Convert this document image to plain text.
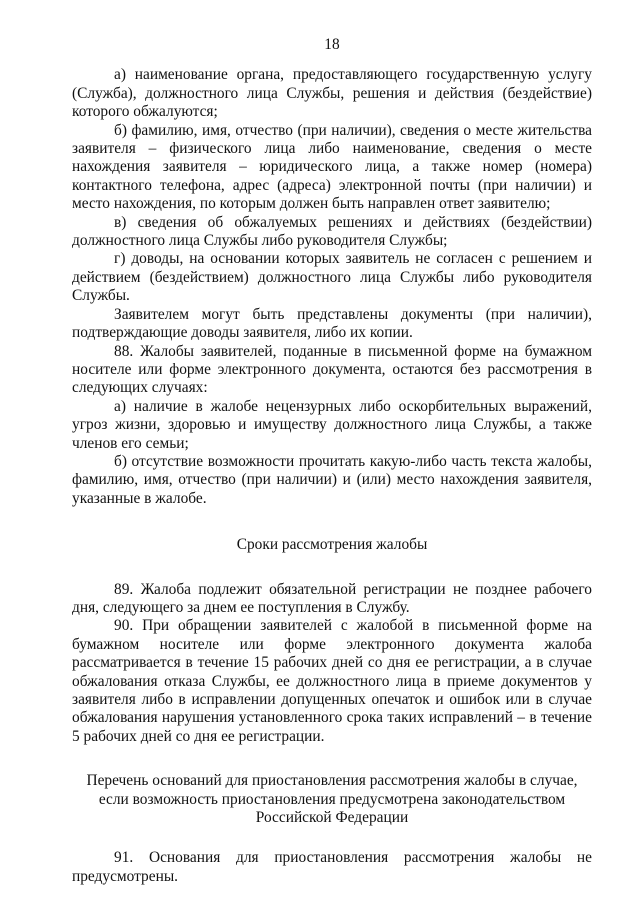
18

а) наименование органа, предоставляющего государственную услугу (Служба), должностного лица Службы, решения и действия (бездействие) которого обжалуются;

б) фамилию, имя, отчество (при наличии), сведения о месте жительства заявителя – физического лица либо наименование, сведения о месте нахождения заявителя – юридического лица, а также номер (номера) контактного телефона, адрес (адреса) электронной почты (при наличии) и место нахождения, по которым должен быть направлен ответ заявителю;

в) сведения об обжалуемых решениях и действиях (бездействии) должностного лица Службы либо руководителя Службы;

г) доводы, на основании которых заявитель не согласен с решением и действием (бездействием) должностного лица Службы либо руководителя Службы.

Заявителем могут быть представлены документы (при наличии), подтверждающие доводы заявителя, либо их копии.

88. Жалобы заявителей, поданные в письменной форме на бумажном носителе или форме электронного документа, остаются без рассмотрения в следующих случаях:

а) наличие в жалобе нецензурных либо оскорбительных выражений, угроз жизни, здоровью и имуществу должностного лица Службы, а также членов его семьи;

б) отсутствие возможности прочитать какую-либо часть текста жалобы, фамилию, имя, отчество (при наличии) и (или) место нахождения заявителя, указанные в жалобе.

Сроки рассмотрения жалобы

89. Жалоба подлежит обязательной регистрации не позднее рабочего дня, следующего за днем ее поступления в Службу.

90. При обращении заявителей с жалобой в письменной форме на бумажном носителе или форме электронного документа жалоба рассматривается в течение 15 рабочих дней со дня ее регистрации, а в случае обжалования отказа Службы, ее должностного лица в приеме документов у заявителя либо в исправлении допущенных опечаток и ошибок или в случае обжалования нарушения установленного срока таких исправлений – в течение 5 рабочих дней со дня ее регистрации.

Перечень оснований для приостановления рассмотрения жалобы в случае, если возможность приостановления предусмотрена законодательством Российской Федерации

91. Основания для приостановления рассмотрения жалобы не предусмотрены.
